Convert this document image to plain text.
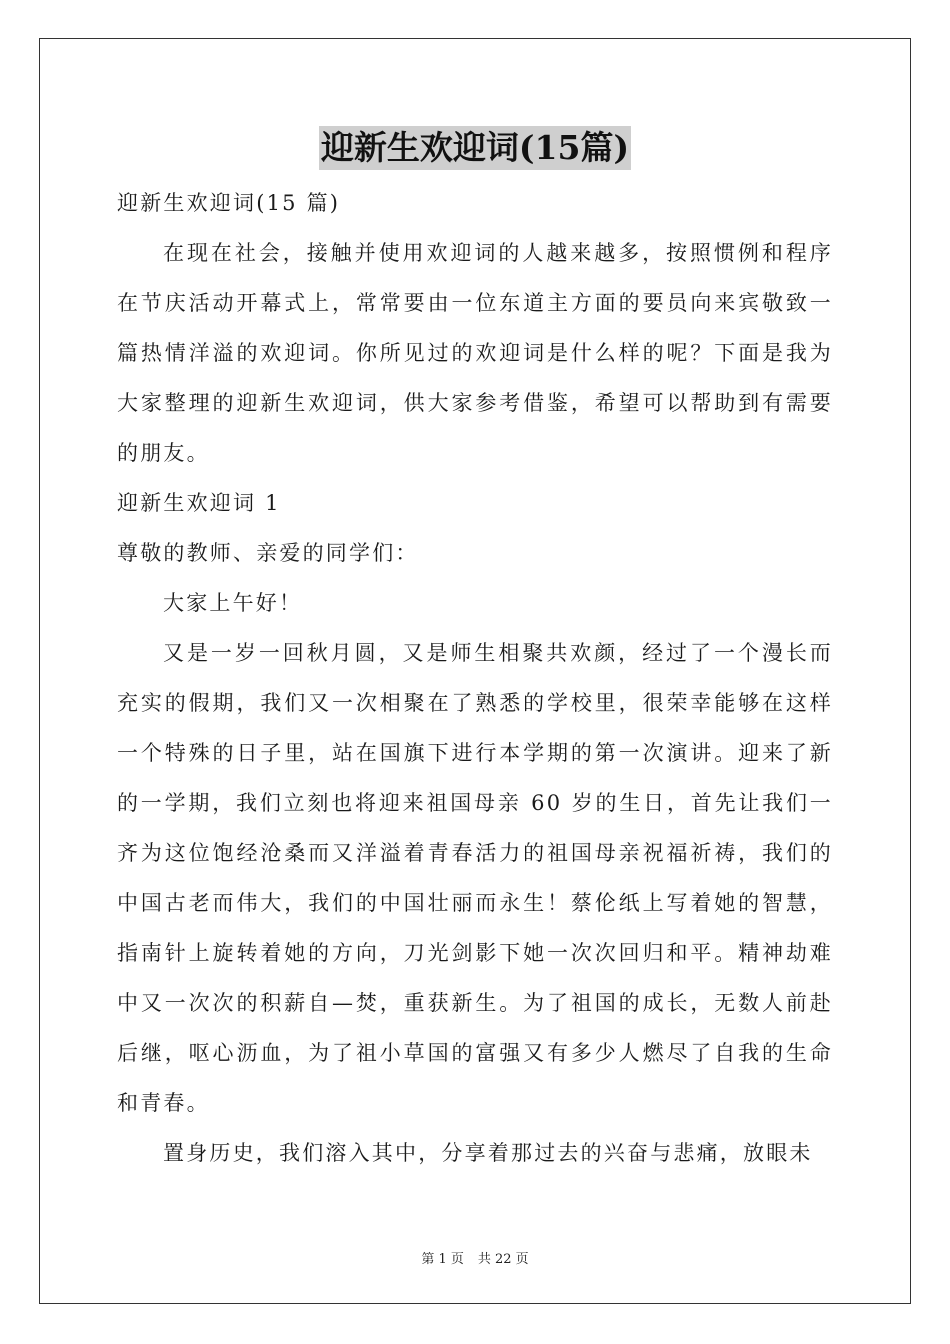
迎新生欢迎词(15篇)

迎新生欢迎词(15 篇)

在现在社会，接触并使用欢迎词的人越来越多，按照惯例和程序在节庆活动开幕式上，常常要由一位东道主方面的要员向来宾敬致一篇热情洋溢的欢迎词。你所见过的欢迎词是什么样的呢？下面是我为大家整理的迎新生欢迎词，供大家参考借鉴，希望可以帮助到有需要的朋友。

迎新生欢迎词 1

尊敬的教师、亲爱的同学们：

大家上午好！

又是一岁一回秋月圆，又是师生相聚共欢颜，经过了一个漫长而充实的假期，我们又一次相聚在了熟悉的学校里，很荣幸能够在这样一个特殊的日子里，站在国旗下进行本学期的第一次演讲。迎来了新的一学期，我们立刻也将迎来祖国母亲 60 岁的生日，首先让我们一齐为这位饱经沧桑而又洋溢着青春活力的祖国母亲祝福祈祷，我们的中国古老而伟大，我们的中国壮丽而永生！蔡伦纸上写着她的智慧，指南针上旋转着她的方向，刀光剑影下她一次次回归和平。精神劫难中又一次次的积薪自—焚，重获新生。为了祖国的成长，无数人前赴后继，呕心沥血，为了祖小草国的富强又有多少人燃尽了自我的生命和青春。

置身历史，我们溶入其中，分享着那过去的兴奋与悲痛，放眼未

第 1 页 共 22 页
